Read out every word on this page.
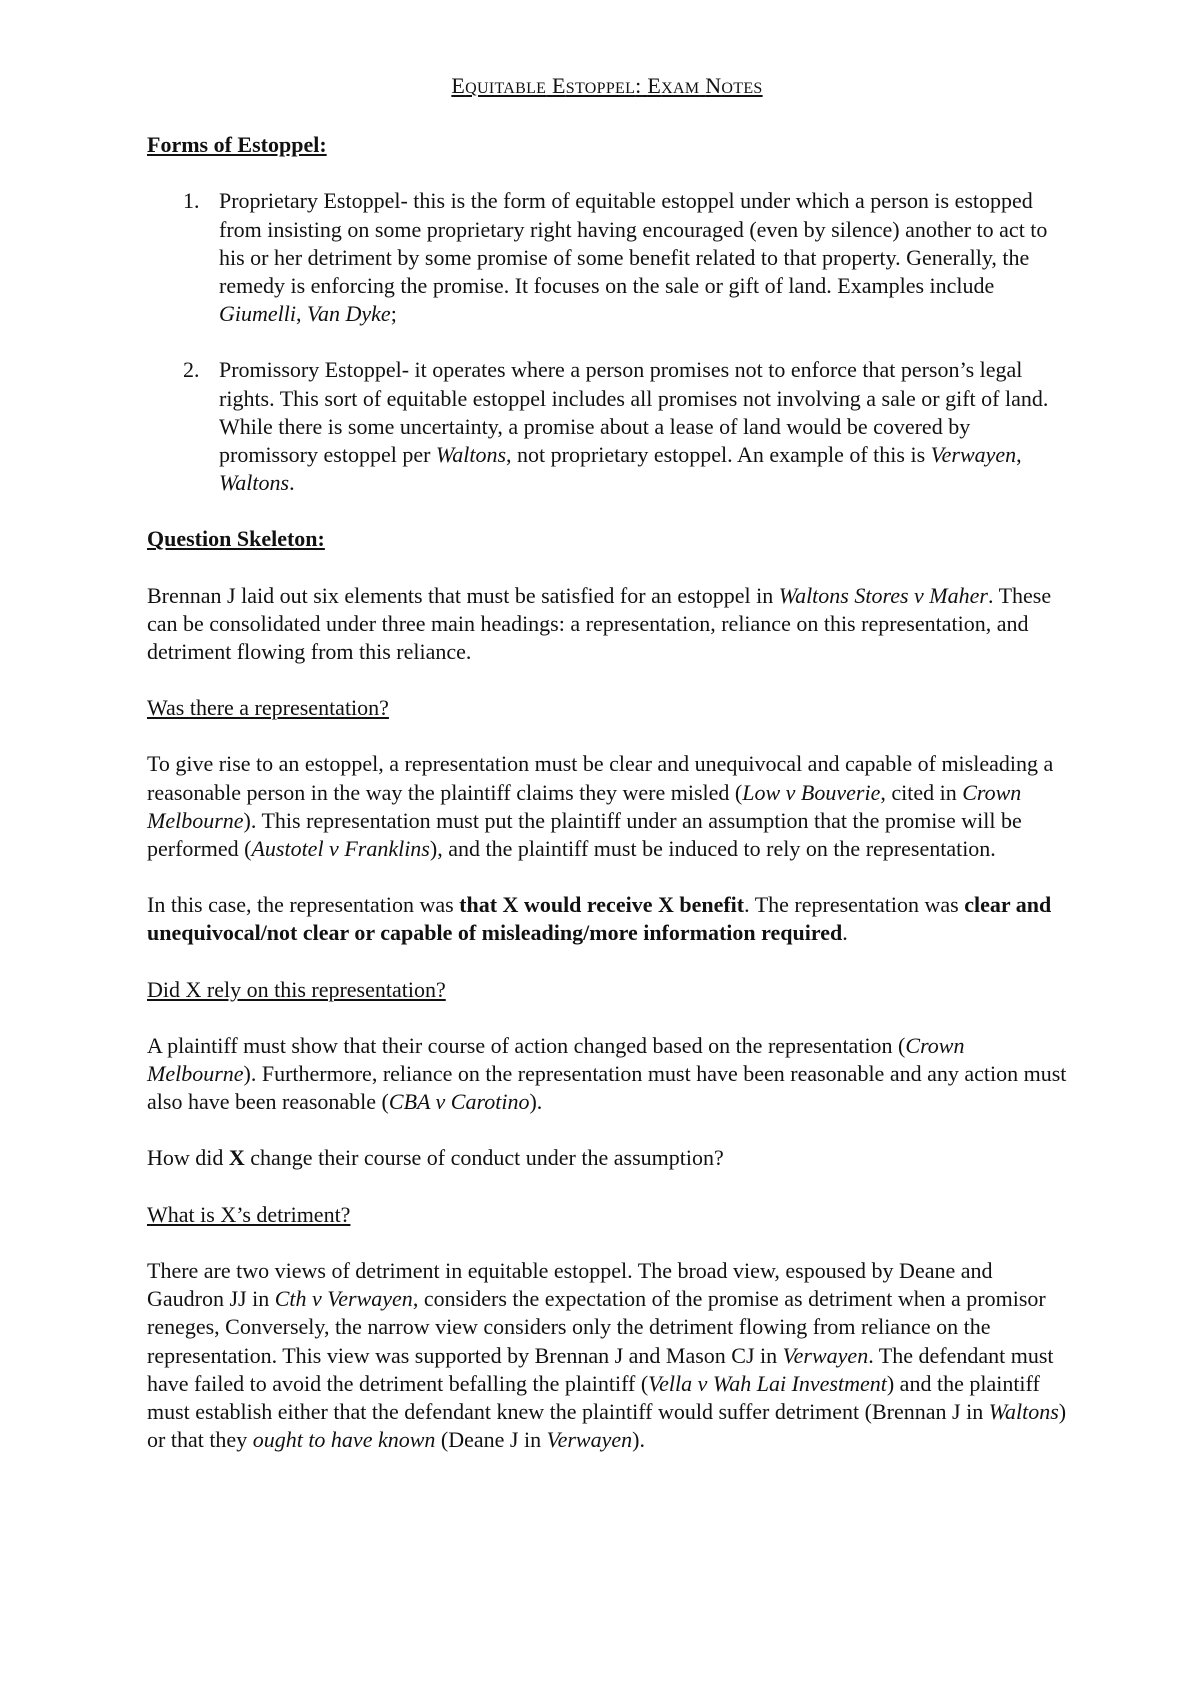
EQUITABLE ESTOPPEL: EXAM NOTES
Forms of Estoppel:
1. Proprietary Estoppel- this is the form of equitable estoppel under which a person is estopped from insisting on some proprietary right having encouraged (even by silence) another to act to his or her detriment by some promise of some benefit related to that property. Generally, the remedy is enforcing the promise. It focuses on the sale or gift of land. Examples include Giumelli, Van Dyke;
2. Promissory Estoppel- it operates where a person promises not to enforce that person’s legal rights. This sort of equitable estoppel includes all promises not involving a sale or gift of land. While there is some uncertainty, a promise about a lease of land would be covered by promissory estoppel per Waltons, not proprietary estoppel. An example of this is Verwayen, Waltons.
Question Skeleton:

Brennan J laid out six elements that must be satisfied for an estoppel in Waltons Stores v Maher. These can be consolidated under three main headings: a representation, reliance on this representation, and detriment flowing from this reliance.

Was there a representation?

To give rise to an estoppel, a representation must be clear and unequivocal and capable of misleading a reasonable person in the way the plaintiff claims they were misled (Low v Bouverie, cited in Crown Melbourne). This representation must put the plaintiff under an assumption that the promise will be performed (Austotel v Franklins), and the plaintiff must be induced to rely on the representation.

In this case, the representation was that X would receive X benefit. The representation was clear and unequivocal/not clear or capable of misleading/more information required.

Did X rely on this representation?

A plaintiff must show that their course of action changed based on the representation (Crown Melbourne). Furthermore, reliance on the representation must have been reasonable and any action must also have been reasonable (CBA v Carotino).

How did X change their course of conduct under the assumption?

What is X’s detriment?

There are two views of detriment in equitable estoppel. The broad view, espoused by Deane and Gaudron JJ in Cth v Verwayen, considers the expectation of the promise as detriment when a promisor reneges, Conversely, the narrow view considers only the detriment flowing from reliance on the representation. This view was supported by Brennan J and Mason CJ in Verwayen. The defendant must have failed to avoid the detriment befalling the plaintiff (Vella v Wah Lai Investment) and the plaintiff must establish either that the defendant knew the plaintiff would suffer detriment (Brennan J in Waltons) or that they ought to have known (Deane J in Verwayen).
